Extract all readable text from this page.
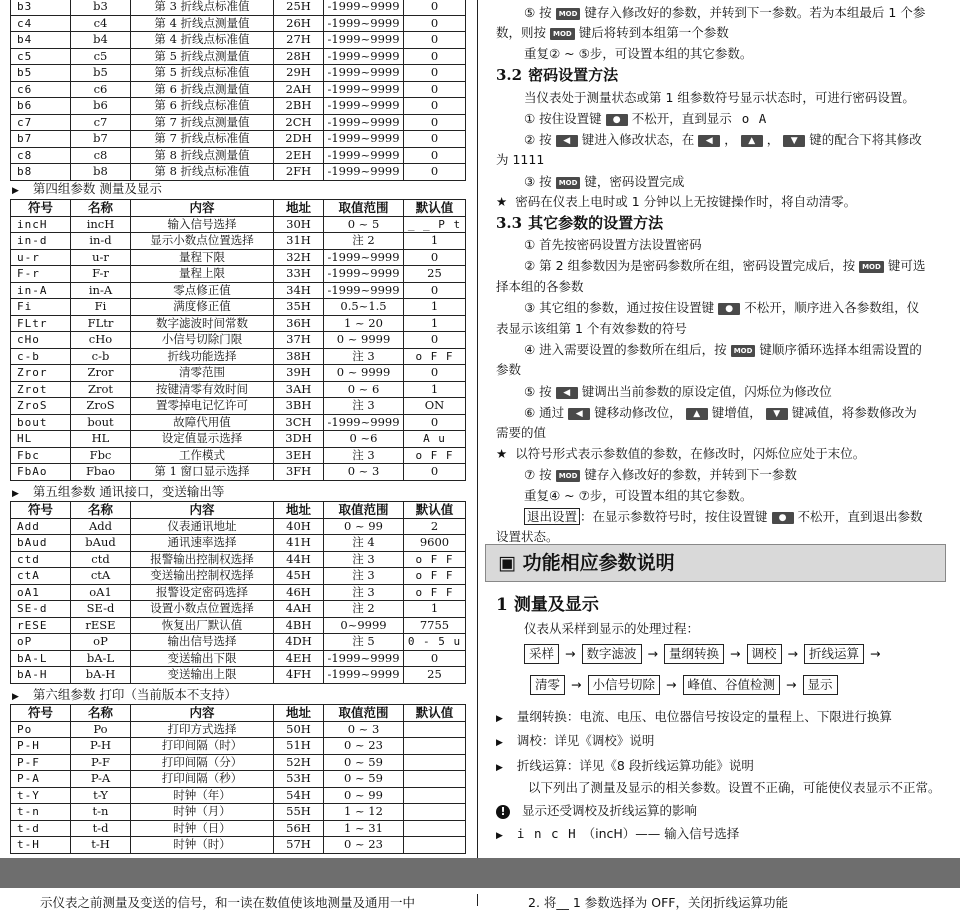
b3	b3	第 3 折线点标准值	25H	-1999~9999	0
c4	c4	第 4 折线点测量值	26H	-1999~9999	0
b4	b4	第 4 折线点标准值	27H	-1999~9999	0
c5	c5	第 5 折线点测量值	28H	-1999~9999	0
b5	b5	第 5 折线点标准值	29H	-1999~9999	0
c6	c6	第 6 折线点测量值	2AH	-1999~9999	0
b6	b6	第 6 折线点标准值	2BH	-1999~9999	0
c7	c7	第 7 折线点测量值	2CH	-1999~9999	0
b7	b7	第 7 折线点标准值	2DH	-1999~9999	0
c8	c8	第 8 折线点测量值	2EH	-1999~9999	0
b8	b8	第 8 折线点标准值	2FH	-1999~9999	0
▶ 第四组参数 测量及显示
符号	名称	内容	地址	取值范围	默认值
incH	incH	输入信号选择	30H	0 ~ 5	_ _ P t
in-d	in-d	显示小数点位置选择	31H	注 2	1
u-r	u-r	量程下限	32H	-1999~9999	0
F-r	F-r	量程上限	33H	-1999~9999	25
in-A	in-A	零点修正值	34H	-1999~9999	0
Fi	Fi	满度修正值	35H	0.5~1.5	1
FLtr	FLtr	数字滤波时间常数	36H	1 ~ 20	1
cHo	cHo	小信号切除门限	37H	0 ~ 9999	0
c-b	c-b	折线功能选择	38H	注 3	o F F
Zror	Zror	清零范围	39H	0 ~ 9999	0
Zrot	Zrot	按键清零有效时间	3AH	0 ~ 6	1
ZroS	ZroS	置零掉电记忆许可	3BH	注 3	ON
bout	bout	故障代用值	3CH	-1999~9999	0
HL	HL	设定值显示选择	3DH	0 ~6	A u
Fbc	Fbc	工作模式	3EH	注 3	o F F
FbAo	Fbao	第 1 窗口显示选择	3FH	0 ~ 3	0
▶ 第五组参数 通讯接口，变送输出等
符号	名称	内容	地址	取值范围	默认值
Add	Add	仪表通讯地址	40H	0 ~ 99	2
bAud	bAud	通讯速率选择	41H	注 4	9600
ctd	ctd	报警输出控制权选择	44H	注 3	o F F
ctA	ctA	变送输出控制权选择	45H	注 3	o F F
oA1	oA1	报警设定密码选择	46H	注 3	o F F
SE-d	SE-d	设置小数点位置选择	4AH	注 2	1
rESE	rESE	恢复出厂默认值	4BH	0~9999	7755
oP	oP	输出信号选择	4DH	注 5	0 - 5 u
bA-L	bA-L	变送输出下限	4EH	-1999~9999	0
bA-H	bA-H	变送输出上限	4FH	-1999~9999	25
▶ 第六组参数 打印（当前版本不支持）
符号	名称	内容	地址	取值范围	默认值
Po	Po	打印方式选择	50H	0 ~ 3	
P-H	P-H	打印间隔（时）	51H	0 ~ 23	
P-F	P-F	打印间隔（分）	52H	0 ~ 59	
P-A	P-A	打印间隔（秒）	53H	0 ~ 59	
t-Y	t-Y	时钟（年）	54H	0 ~ 99	
t-n	t-n	时钟（月）	55H	1 ~ 12	
t-d	t-d	时钟（日）	56H	1 ~ 31	
t-H	t-H	时钟（时）	57H	0 ~ 23	
⑤ 按 MOD 键存入修改好的参数，并转到下一参数。若为本组最后 1 个参
数，则按 MOD 键后将转到本组第一个参数
重复② ~ ⑤步，可设置本组的其它参数。
3.2 密码设置方法
当仪表处于测量状态或第 1 组参数符号显示状态时，可进行密码设置。
① 按住设置键 ● 不松开，直到显示 o A
② 按 ◀ 键进入修改状态，在 ◀ ， ▲ ， ▼ 键的配合下将其修改
为 1111
③ 按 MOD 键，密码设置完成
★ 密码在仪表上电时或 1 分钟以上无按键操作时，将自动清零。
3.3 其它参数的设置方法
① 首先按密码设置方法设置密码
② 第 2 组参数因为是密码参数所在组，密码设置完成后，按 MOD 键可选
择本组的各参数
③ 其它组的参数，通过按住设置键 ● 不松开，顺序进入各参数组，仪
表显示该组第 1 个有效参数的符号
④ 进入需要设置的参数所在组后，按 MOD 键顺序循环选择本组需设置的
参数
⑤ 按 ◀ 键调出当前参数的原设定值，闪烁位为修改位
⑥ 通过 ◀ 键移动修改位， ▲ 键增值， ▼ 键减值，将参数修改为
需要的值
★ 以符号形式表示参数值的参数，在修改时，闪烁位应处于末位。
⑦ 按 MOD 键存入修改好的参数，并转到下一参数
重复④ ~ ⑦步，可设置本组的其它参数。
退出设置 ：在显示参数符号时，按住设置键 ● 不松开，直到退出参数
设置状态。
▣ 功能相应参数说明
1 测量及显示
仪表从采样到显示的处理过程：
采样 → 数字滤波 → 量纲转换 → 调校 → 折线运算 →
清零 → 小信号切除 → 峰值、谷值检测 → 显示
▶ 量纲转换：电流、电压、电位器信号按设定的量程上、下限进行换算
▶ 调校：详见《调校》说明
▶ 折线运算：详见《8 段折线运算功能》说明
以下列出了测量及显示的相关参数。设置不正确，可能使仪表显示不正常。
! 显示还受调校及折线运算的影响
▶ i n c H （incH）—— 输入信号选择
示仪表之前测量及变送的信号，和一读在数值使该地测量及通用一中	2. 将__ 1 参数选择为 OFF，关闭折线运算功能
